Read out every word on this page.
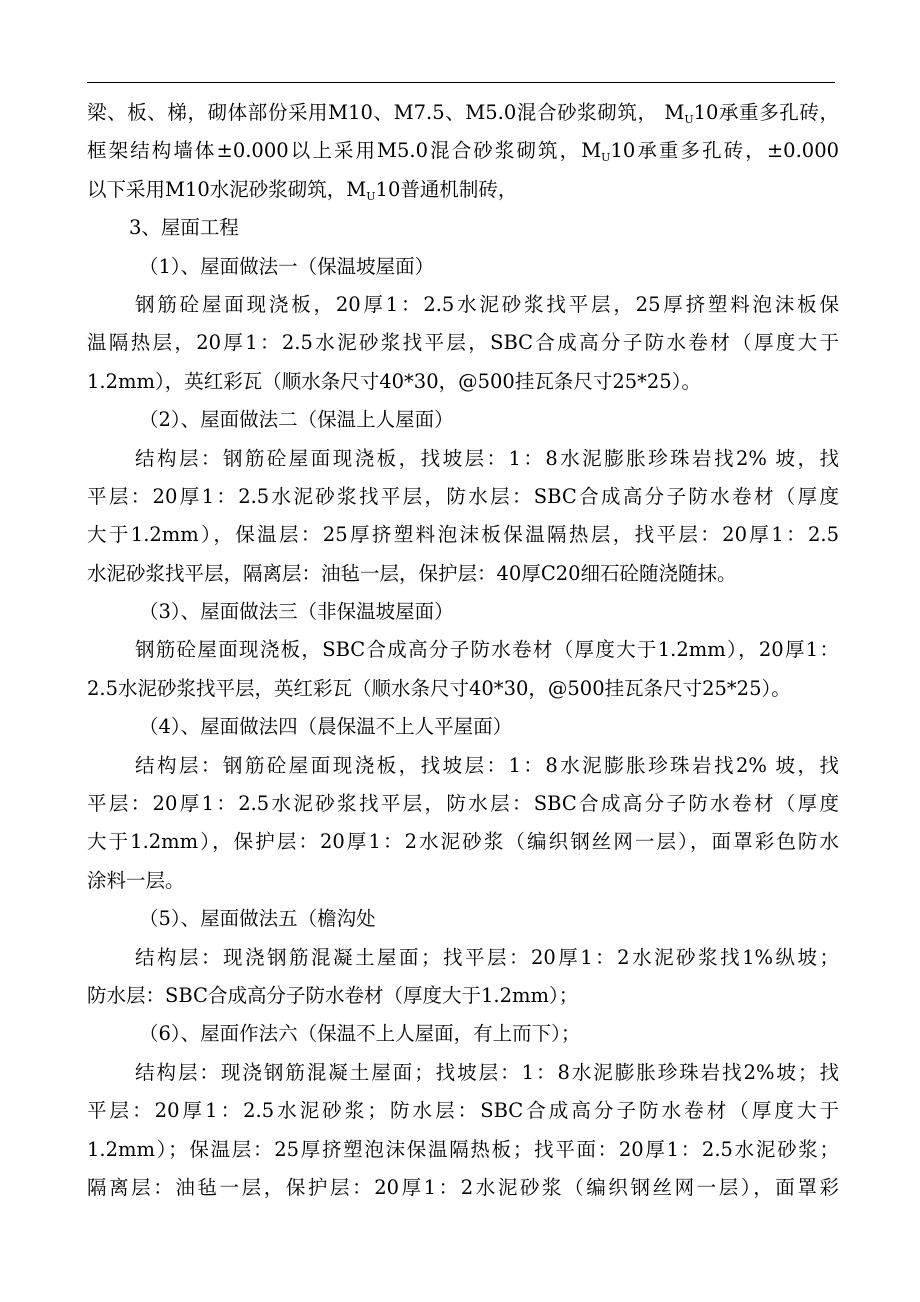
梁、板、梯，砌体部份采用M10、M7.5、M5.0混合砂浆砌筑， $M_U10$承重多孔砖，
框架结构墙体±0.000以上采用M5.0混合砂浆砌筑，$M_U10$承重多孔砖，±0.000
以下采用M10水泥砂浆砌筑，$M_U10$普通机制砖，
3、屋面工程
（1）、屋面做法一（保温坡屋面）
钢筋砼屋面现浇板，20厚1：2.5水泥砂浆找平层，25厚挤塑料泡沫板保
温隔热层，20厚1：2.5水泥砂浆找平层，SBC合成高分子防水卷材（厚度大于
1.2mm），英红彩瓦（顺水条尺寸40*30，@500挂瓦条尺寸25*25）。
（2）、屋面做法二（保温上人屋面）
结构层：钢筋砼屋面现浇板，找坡层：1：8水泥膨胀珍珠岩找2% 坡，找
平层：20厚1：2.5水泥砂浆找平层，防水层：SBC合成高分子防水卷材（厚度
大于1.2mm），保温层：25厚挤塑料泡沫板保温隔热层，找平层：20厚1：2.5
水泥砂浆找平层，隔离层：油毡一层，保护层：40厚C20细石砼随浇随抹。
（3）、屋面做法三（非保温坡屋面）
钢筋砼屋面现浇板，SBC合成高分子防水卷材（厚度大于1.2mm），20厚1：
2.5水泥砂浆找平层，英红彩瓦（顺水条尺寸40*30，@500挂瓦条尺寸25*25）。
（4）、屋面做法四（晨保温不上人平屋面）
结构层：钢筋砼屋面现浇板，找坡层：1：8水泥膨胀珍珠岩找2% 坡，找
平层：20厚1：2.5水泥砂浆找平层，防水层：SBC合成高分子防水卷材（厚度
大于1.2mm），保护层：20厚1：2水泥砂浆（编织钢丝网一层），面罩彩色防水
涂料一层。
（5）、屋面做法五（檐沟处
结构层：现浇钢筋混凝土屋面；找平层：20厚1：2水泥砂浆找1%纵坡；
防水层：SBC合成高分子防水卷材（厚度大于1.2mm）；
（6）、屋面作法六（保温不上人屋面，有上而下）；
结构层：现浇钢筋混凝土屋面；找坡层：1：8水泥膨胀珍珠岩找2%坡；找
平层：20厚1：2.5水泥砂浆；防水层：SBC合成高分子防水卷材（厚度大于
1.2mm）；保温层：25厚挤塑泡沫保温隔热板；找平面：20厚1：2.5水泥砂浆；
隔离层：油毡一层，保护层：20厚1：2水泥砂浆（编织钢丝网一层），面罩彩
